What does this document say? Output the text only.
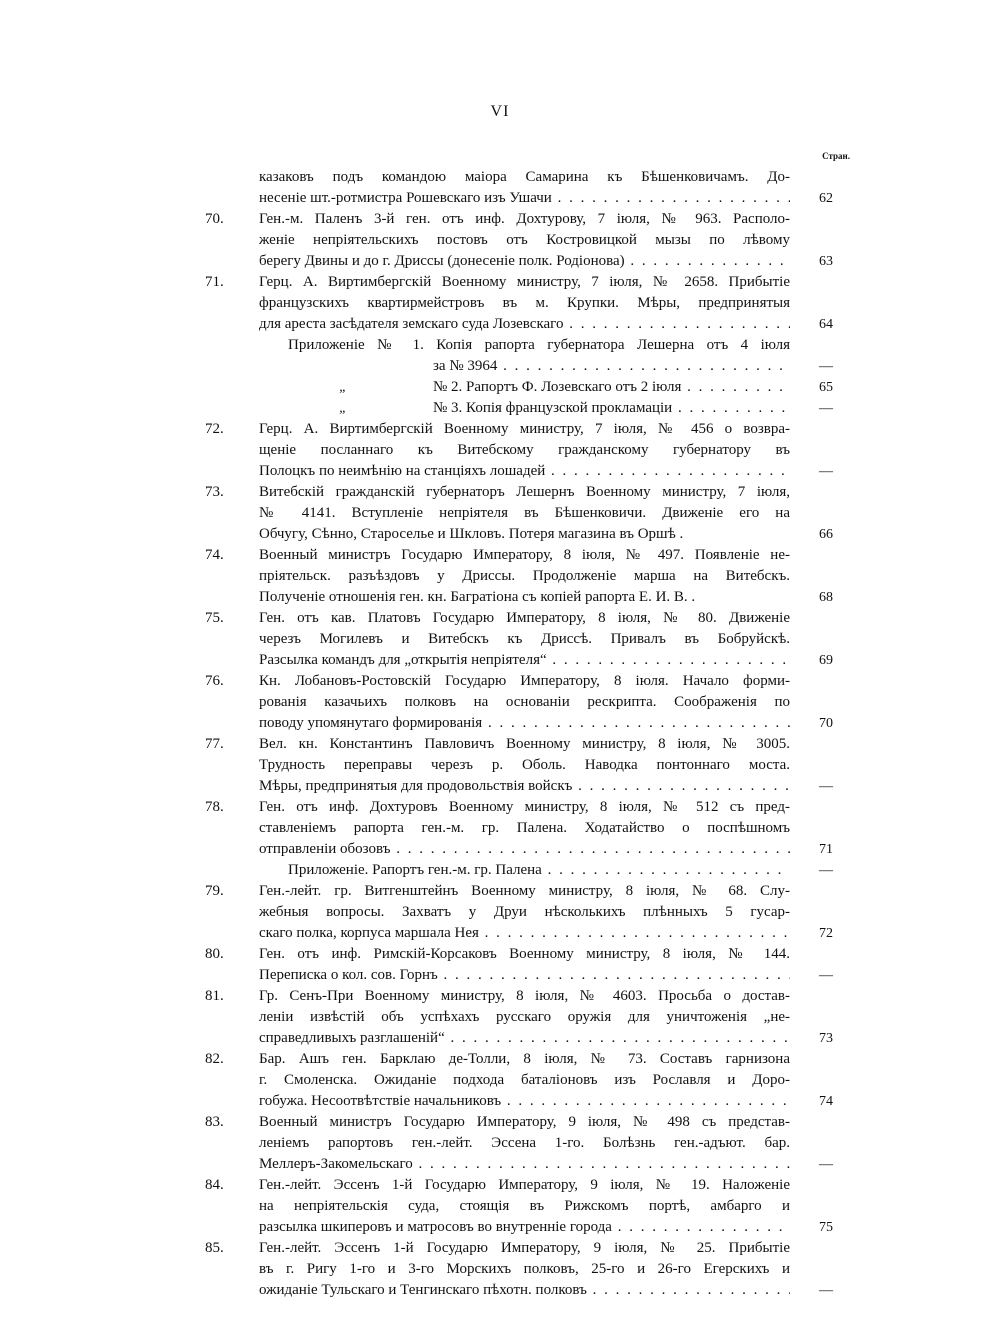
VI
Стран.
казаковъ подъ командою маіора Самарина къ Бѣшенковичамъ. До-
несеніе шт.-ротмистра Рошевскаго изъ Ушачи . . .	62
70.	Ген.-м. Паленъ 3-й ген. отъ инф. Дохтурову, 7 іюля, № 963. Располо-
женіе непріятельскихъ постовъ отъ Костровицкой мызы по лѣвому
берегу Двины и до г. Дриссы (донесеніе полк. Родіонова) . . .	63
71.	Герц. А. Виртимбергскій Военному министру, 7 іюля, № 2658. Прибытіе
французскихъ квартирмейстровъ въ м. Крупки. Мѣры, предпринятыя
для ареста засѣдателя земскаго суда Лозевскаго . . .	64
Приложеніе № 1. Копія рапорта губернатора Лешерна отъ 4 іюля
за № 3964 . . .	—
„	№ 2. Рапортъ Ф. Лозевскаго отъ 2 іюля . . .	65
„	№ 3. Копія французской прокламаціи . . .	—
72.	Герц. А. Виртимбергскій Военному министру, 7 іюля, № 456 о возвра-
щеніе посланнаго къ Витебскому гражданскому губернатору въ
Полоцкъ по неимѣнію на станціяхъ лошадей . . .	—
73.	Витебскій гражданскій губернаторъ Лешернъ Военному министру, 7 іюля,
№ 4141. Вступленіе непріятеля въ Бѣшенковичи. Движеніе его на
Обчугу, Сѣнно, Староселье и Шкловъ. Потеря магазина въ Оршѣ .	66
74.	Военный министръ Государю Императору, 8 іюля, № 497. Появленіе не-
пріятельск. разъѣздовъ у Дриссы. Продолженіе марша на Витебскъ.
Полученіе отношенія ген. кн. Багратіона съ копіей рапорта Е. И. В. .	68
75.	Ген. отъ кав. Платовъ Государю Императору, 8 іюля, № 80. Движеніе
черезъ Могилевъ и Витебскъ къ Дриссѣ. Привалъ въ Бобруйскѣ.
Разсылка командъ для „открытія непріятеля“ . . .	69
76.	Кн. Лобановъ-Ростовскій Государю Императору, 8 іюля. Начало форми-
рованія казачьихъ полковъ на основаніи рескрипта. Соображенія по
поводу упомянутаго формированія . . .	70
77.	Вел. кн. Константинъ Павловичъ Военному министру, 8 іюля, № 3005.
Трудность переправы черезъ р. Оболь. Наводка понтоннаго моста.
Мѣры, предпринятыя для продовольствія войскъ . . .	—
78.	Ген. отъ инф. Дохтуровъ Военному министру, 8 іюля, № 512 съ пред-
ставленіемъ рапорта ген.-м. гр. Палена. Ходатайство о поспѣшномъ
отправленіи обозовъ . . .	71
Приложеніе. Рапортъ ген.-м. гр. Палена . . .	—
79.	Ген.-лейт. гр. Витгенштейнъ Военному министру, 8 іюля, № 68. Слу-
жебныя вопросы. Захватъ у Друи нѣсколькихъ плѣнныхъ 5 гусар-
скаго полка, корпуса маршала Нея . . .	72
80.	Ген. отъ инф. Римскій-Корсаковъ Военному министру, 8 іюля, № 144.
Переписка о кол. сов. Горнъ . . .	—
81.	Гр. Сенъ-При Военному министру, 8 іюля, № 4603. Просьба о достав-
леніи извѣстій объ успѣхахъ русскаго оружія для уничтоженія „не-
справедливыхъ разглашеній“ . . .	73
82.	Бар. Ашъ ген. Барклаю де-Толли, 8 іюля, № 73. Составъ гарнизона
г. Смоленска. Ожиданіе подхода баталіоновъ изъ Рославля и Доро-
гобужа. Несоотвѣтствіе начальниковъ . . .	74
83.	Военный министръ Государю Императору, 9 іюля, № 498 съ представ-
леніемъ рапортовъ ген.-лейт. Эссена 1-го. Болѣзнь ген.-адъют. бар.
Меллеръ-Закомельскаго . . .	—
84.	Ген.-лейт. Эссенъ 1-й Государю Императору, 9 іюля, № 19. Наложеніе
на непріятельскія суда, стоящія въ Рижскомъ портѣ, амбарго и
разсылка шкиперовъ и матросовъ во внутренніе города . . .	75
85.	Ген.-лейт. Эссенъ 1-й Государю Императору, 9 іюля, № 25. Прибытіе
въ г. Ригу 1-го и 3-го Морскихъ полковъ, 25-го и 26-го Егерскихъ и
ожиданіе Тульскаго и Тенгинскаго пѣхотн. полковъ . . .	—
